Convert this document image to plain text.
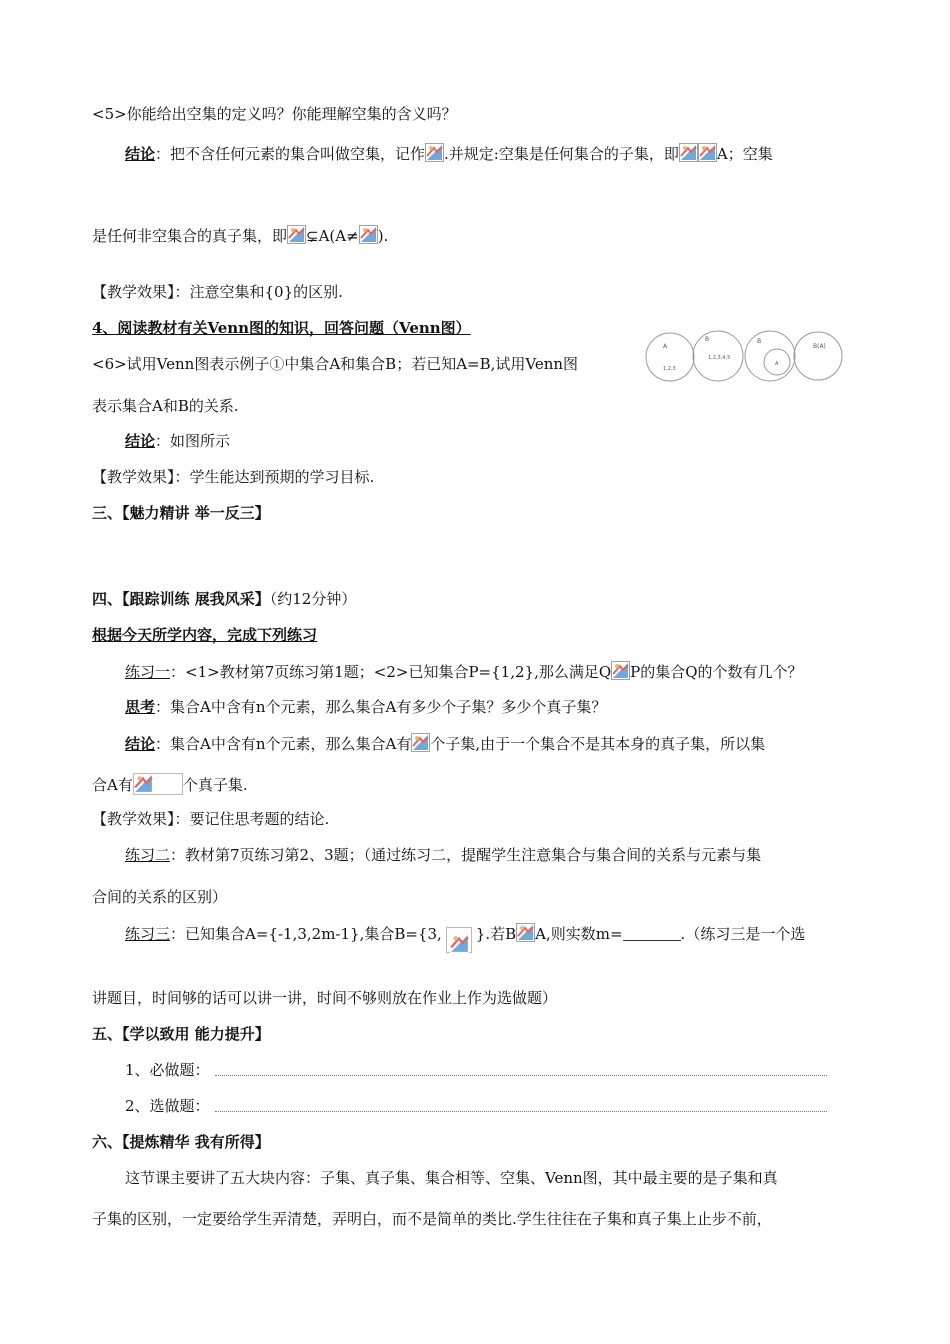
<5>你能给出空集的定义吗？你能理解空集的含义吗？
结论：把不含任何元素的集合叫做空集，记作 .并规定:空集是任何集合的子集，即	A；空集
是任何非空集合的真子集，即 ⊊A(A≠ ).
【教学效果】：注意空集和{0}的区别.
4、阅读教材有关Venn图的知识，回答问题（Venn图）
<6>试用Venn图表示例子①中集合A和集合B；若已知A=B,试用Venn图
表示集合A和B的关系.
A
1,2,3
B
1,2,3,4,5
B
A
B(A)
结论：如图所示
【教学效果】：学生能达到预期的学习目标.
三、【魅力精讲 举一反三】
四、【跟踪训练 展我风采】（约12分钟）
根据今天所学内容，完成下列练习
练习一：<1>教材第7页练习第1题；<2>已知集合P={1,2},那么满足Q P的集合Q的个数有几个？
思考：集合A中含有n个元素，那么集合A有多少个子集？多少个真子集？
结论：集合A中含有n个元素，那么集合A有 个子集,由于一个集合不是其本身的真子集，所以集
合A有	个真子集.
【教学效果】：要记住思考题的结论.
练习二：教材第7页练习第2、3题；（通过练习二，提醒学生注意集合与集合间的关系与元素与集
合间的关系的区别）
练习三：已知集合A={-1,3,2m-1},集合B={3, }.若B A,则实数m=	.（练习三是一个选
讲题目，时间够的话可以讲一讲，时间不够则放在作业上作为选做题）
五、【学以致用 能力提升】
1、必做题：
2、选做题：
六、【提炼精华 我有所得】
这节课主要讲了五大块内容：子集、真子集、集合相等、空集、Venn图，其中最主要的是子集和真
子集的区别，一定要给学生弄清楚，弄明白，而不是简单的类比.学生往往在子集和真子集上止步不前，
